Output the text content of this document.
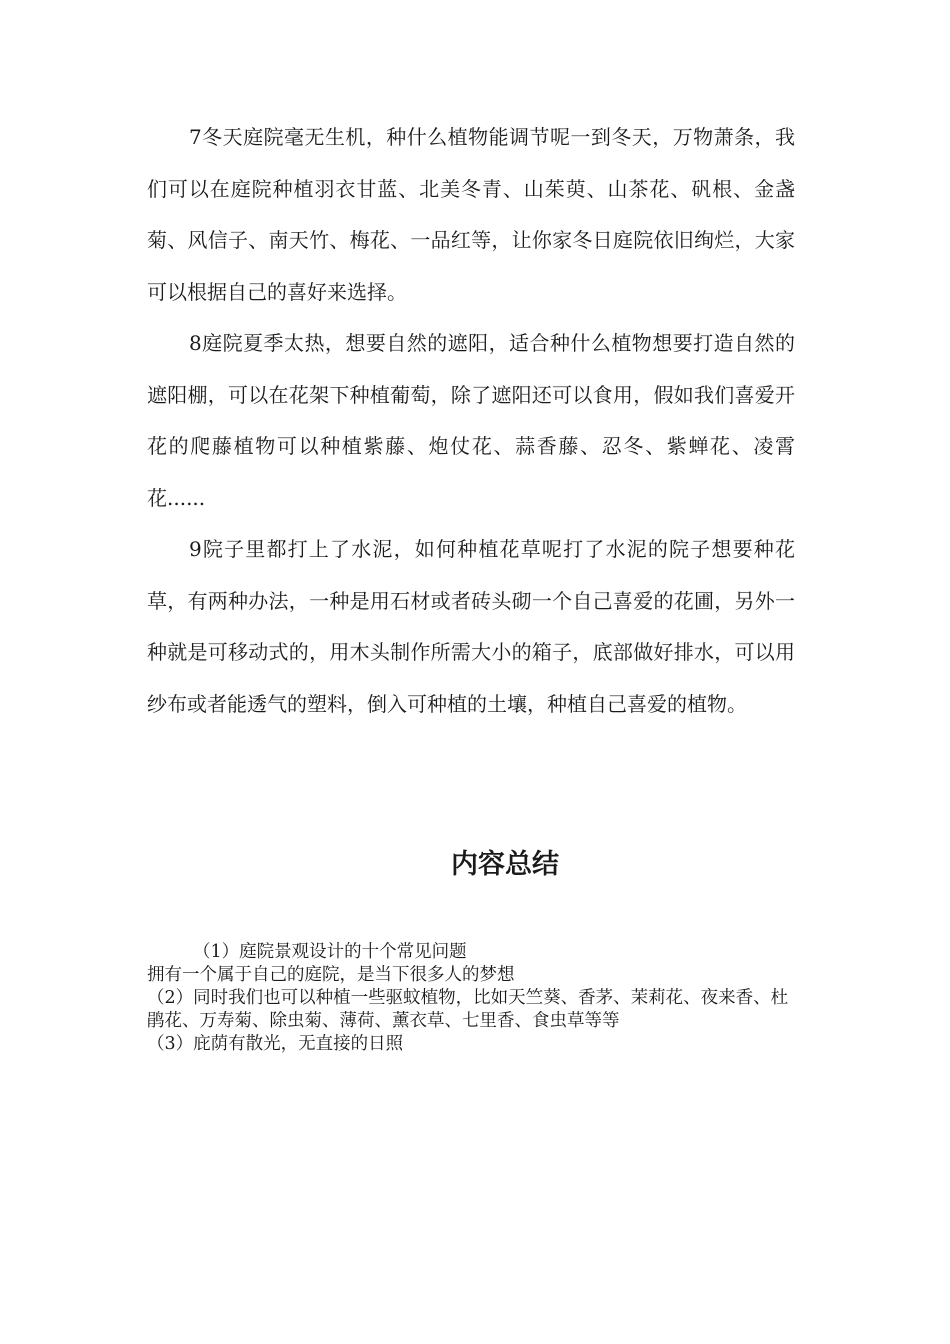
7冬天庭院毫无生机，种什么植物能调节呢一到冬天，万物萧条，我们可以在庭院种植羽衣甘蓝、北美冬青、山茱萸、山茶花、矾根、金盏菊、风信子、南天竹、梅花、一品红等，让你家冬日庭院依旧绚烂，大家可以根据自己的喜好来选择。

8庭院夏季太热，想要自然的遮阳，适合种什么植物想要打造自然的遮阳棚，可以在花架下种植葡萄，除了遮阳还可以食用，假如我们喜爱开花的爬藤植物可以种植紫藤、炮仗花、蒜香藤、忍冬、紫蝉花、凌霄花......

9院子里都打上了水泥，如何种植花草呢打了水泥的院子想要种花草，有两种办法，一种是用石材或者砖头砌一个自己喜爱的花圃，另外一种就是可移动式的，用木头制作所需大小的箱子，底部做好排水，可以用纱布或者能透气的塑料，倒入可种植的土壤，种植自己喜爱的植物。

内容总结
（1）庭院景观设计的十个常见问题
拥有一个属于自己的庭院，是当下很多人的梦想
（2）同时我们也可以种植一些驱蚊植物，比如天竺葵、香茅、茉莉花、夜来香、杜鹃花、万寿菊、除虫菊、薄荷、薰衣草、七里香、食虫草等等
（3）庇荫有散光，无直接的日照
